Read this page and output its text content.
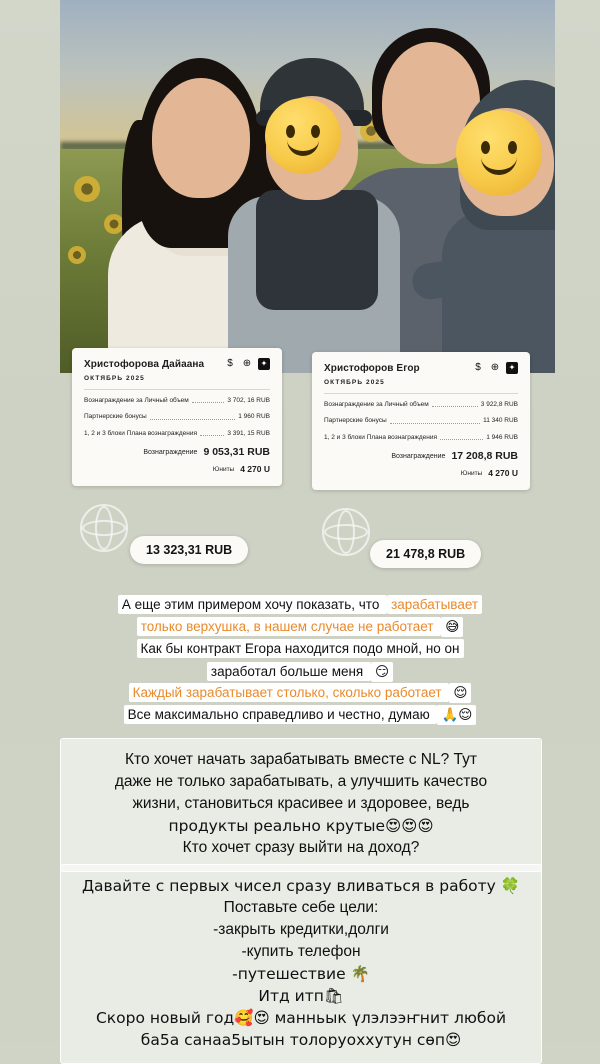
Христофорова Дайаана	$	⊕	✦
ОКТЯБРЬ 2025
Вознаграждение за Личный объем	3 702, 16 RUB
Партнерские бонусы	1 960 RUB
1, 2 и 3 блоки Плана вознаграждения	3 391, 15 RUB
Вознаграждение 9 053,31 RUB
Юниты 4 270 U
13 323,31 RUB
Христофоров Егор	$	⊕	✦
ОКТЯБРЬ 2025
Вознаграждение за Личный объем	3 922,8 RUB
Партнерские бонусы	11 340 RUB
1, 2 и 3 блоки Плана вознаграждения	1 946 RUB
Вознаграждение 17 208,8 RUB
Юниты 4 270 U
21 478,8 RUB
А еще этим примером хочу показать, что зарабатывает
только верхушка, в нашем случае не работает 😅
Как бы контракт Егора находится подо мной, но он
заработал больше меня 😏
Каждый зарабатывает столько, сколько работает 😌
Все максимально справедливо и честно, думаю 🙏😌
Кто хочет начать зарабатывать вместе с NL? Тут
даже не только зарабатывать, а улучшить качество
жизни, становиться красивее и здоровее, ведь
продукты реально крутые😍😍😍
Кто хочет сразу выйти на доход?
Давайте с первых чисел сразу вливаться в работу 🍀
Поставьте себе цели:
-закрыть кредитки,долги
-купить телефон
-путешествие 🌴
Итд итп🛍
Скоро новый год🥰😍 манньык үлэлээҥнит любой
ба5а санаа5ытын толоруоххутун сөп😍
